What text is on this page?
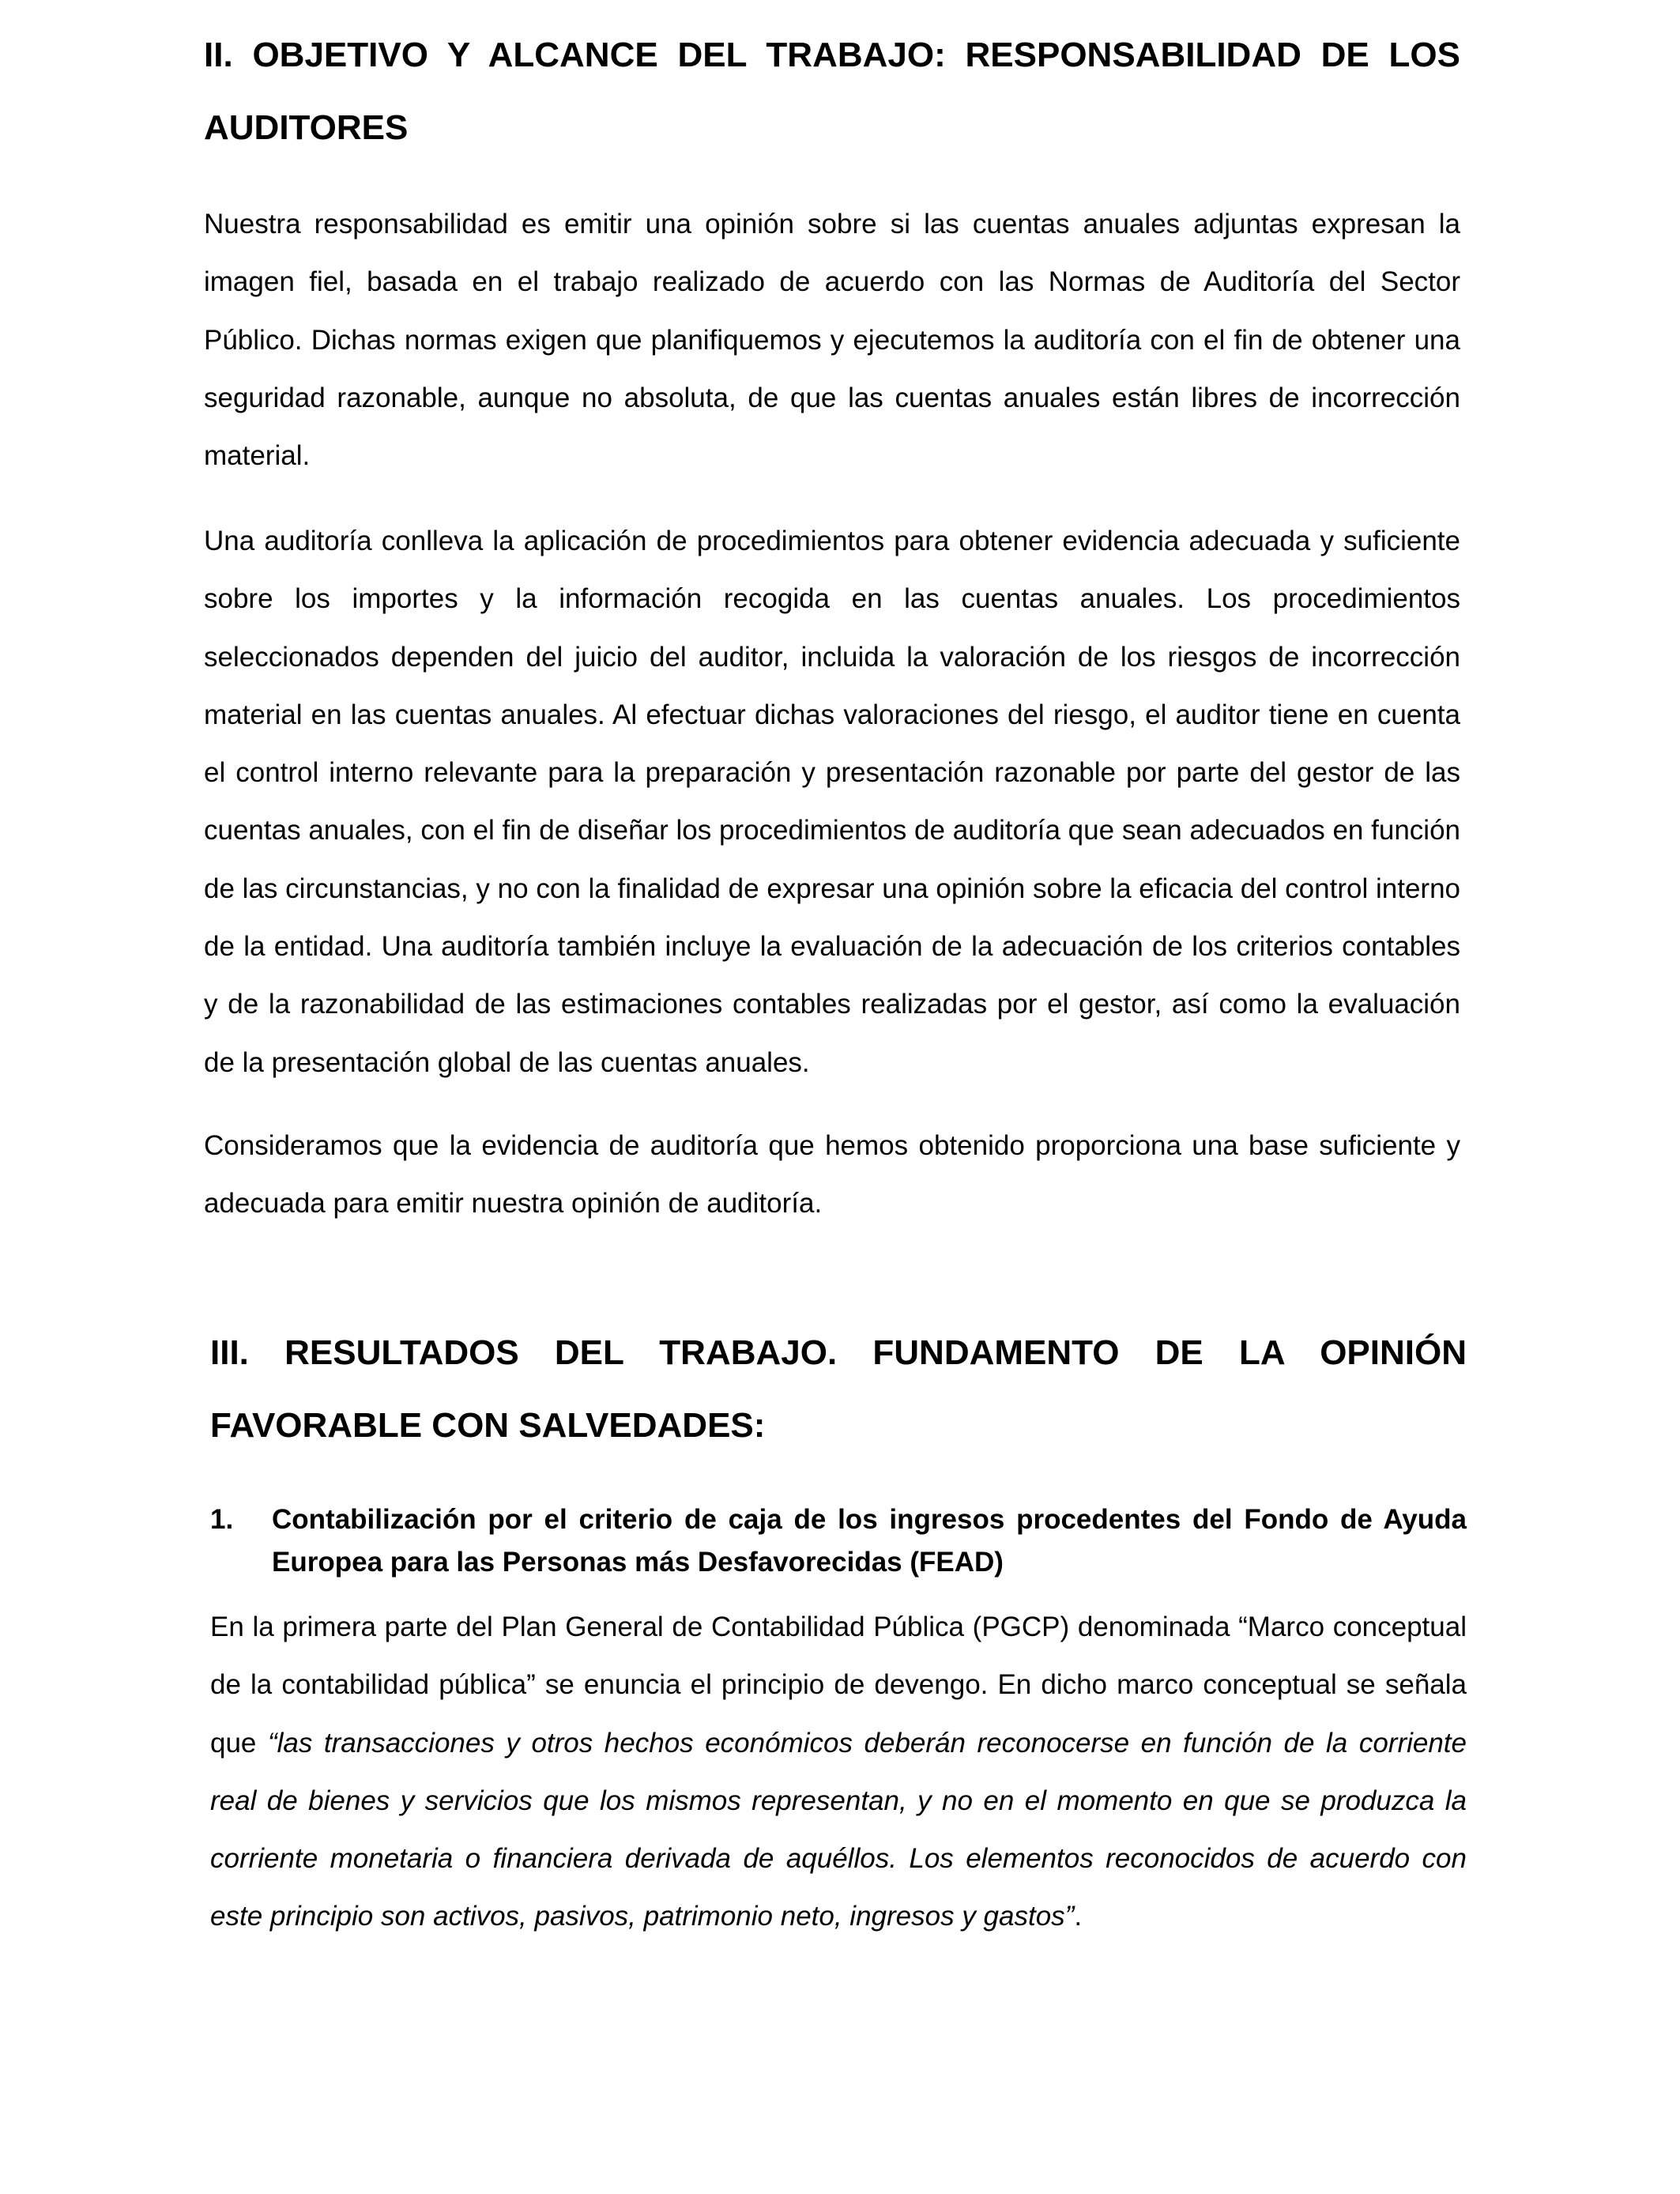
II. OBJETIVO Y ALCANCE DEL TRABAJO: RESPONSABILIDAD DE LOS AUDITORES

Nuestra responsabilidad es emitir una opinión sobre si las cuentas anuales adjuntas expresan la imagen fiel, basada en el trabajo realizado de acuerdo con las Normas de Auditoría del Sector Público. Dichas normas exigen que planifiquemos y ejecutemos la auditoría con el fin de obtener una seguridad razonable, aunque no absoluta, de que las cuentas anuales están libres de incorrección material.

Una auditoría conlleva la aplicación de procedimientos para obtener evidencia adecuada y suficiente sobre los importes y la información recogida en las cuentas anuales. Los procedimientos seleccionados dependen del juicio del auditor, incluida la valoración de los riesgos de incorrección material en las cuentas anuales. Al efectuar dichas valoraciones del riesgo, el auditor tiene en cuenta el control interno relevante para la preparación y presentación razonable por parte del gestor de las cuentas anuales, con el fin de diseñar los procedimientos de auditoría que sean adecuados en función de las circunstancias, y no con la finalidad de expresar una opinión sobre la eficacia del control interno de la entidad. Una auditoría también incluye la evaluación de la adecuación de los criterios contables y de la razonabilidad de las estimaciones contables realizadas por el gestor, así como la evaluación de la presentación global de las cuentas anuales.

Consideramos que la evidencia de auditoría que hemos obtenido proporciona una base suficiente y adecuada para emitir nuestra opinión de auditoría.

III. RESULTADOS DEL TRABAJO. FUNDAMENTO DE LA OPINIÓN FAVORABLE CON SALVEDADES:
1.	Contabilización por el criterio de caja de los ingresos procedentes del Fondo de Ayuda Europea para las Personas más Desfavorecidas (FEAD)

En la primera parte del Plan General de Contabilidad Pública (PGCP) denominada “Marco conceptual de la contabilidad pública” se enuncia el principio de devengo. En dicho marco conceptual se señala que “las transacciones y otros hechos económicos deberán reconocerse en función de la corriente real de bienes y servicios que los mismos representan, y no en el momento en que se produzca la corriente monetaria o financiera derivada de aquéllos. Los elementos reconocidos de acuerdo con este principio son activos, pasivos, patrimonio neto, ingresos y gastos”.
